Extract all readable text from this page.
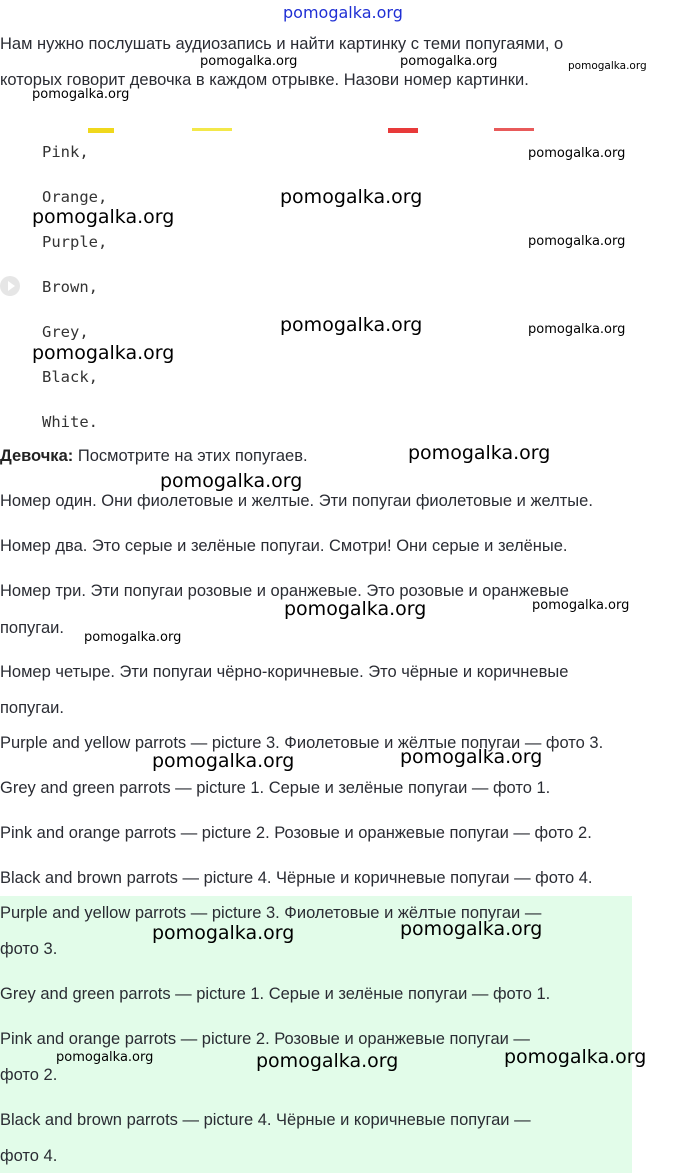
pomogalka.org
Нам нужно послушать аудиозапись и найти картинку с теми попугаями, о
которых говорит девочка в каждом отрывке. Назови номер картинки.
Pink,
Orange,
Purple,
Brown,
Grey,
Black,
White.
Девочка: Посмотрите на этих попугаев.
Номер один. Они фиолетовые и желтые. Эти попугаи фиолетовые и желтые.
Номер два. Это серые и зелёные попугаи. Смотри! Они серые и зелёные.
Номер три. Эти попугаи розовые и оранжевые. Это розовые и оранжевые
попугаи.
Номер четыре. Эти попугаи чёрно-коричневые. Это чёрные и коричневые
попугаи.
Purple and yellow parrots — picture 3. Фиолетовые и жёлтые попугаи — фото 3.
Grey and green parrots — picture 1. Серые и зелёные попугаи — фото 1.
Pink and orange parrots — picture 2. Розовые и оранжевые попугаи — фото 2.
Black and brown parrots — picture 4. Чёрные и коричневые попугаи — фото 4.
Purple and yellow parrots — picture 3. Фиолетовые и жёлтые попугаи —
фото 3.
Grey and green parrots — picture 1. Серые и зелёные попугаи — фото 1.
Pink and orange parrots — picture 2. Розовые и оранжевые попугаи —
фото 2.
Black and brown parrots — picture 4. Чёрные и коричневые попугаи —
фото 4.
pomogalka.org	pomogalka.org	pomogalka.org
pomogalka.org
pomogalka.org
pomogalka.org
pomogalka.org
pomogalka.org
pomogalka.org	pomogalka.org
pomogalka.org
pomogalka.org
pomogalka.org
pomogalka.org
pomogalka.org
pomogalka.org
pomogalka.org
pomogalka.org
pomogalka.org
pomogalka.org
pomogalka.org
pomogalka.org	pomogalka.org
